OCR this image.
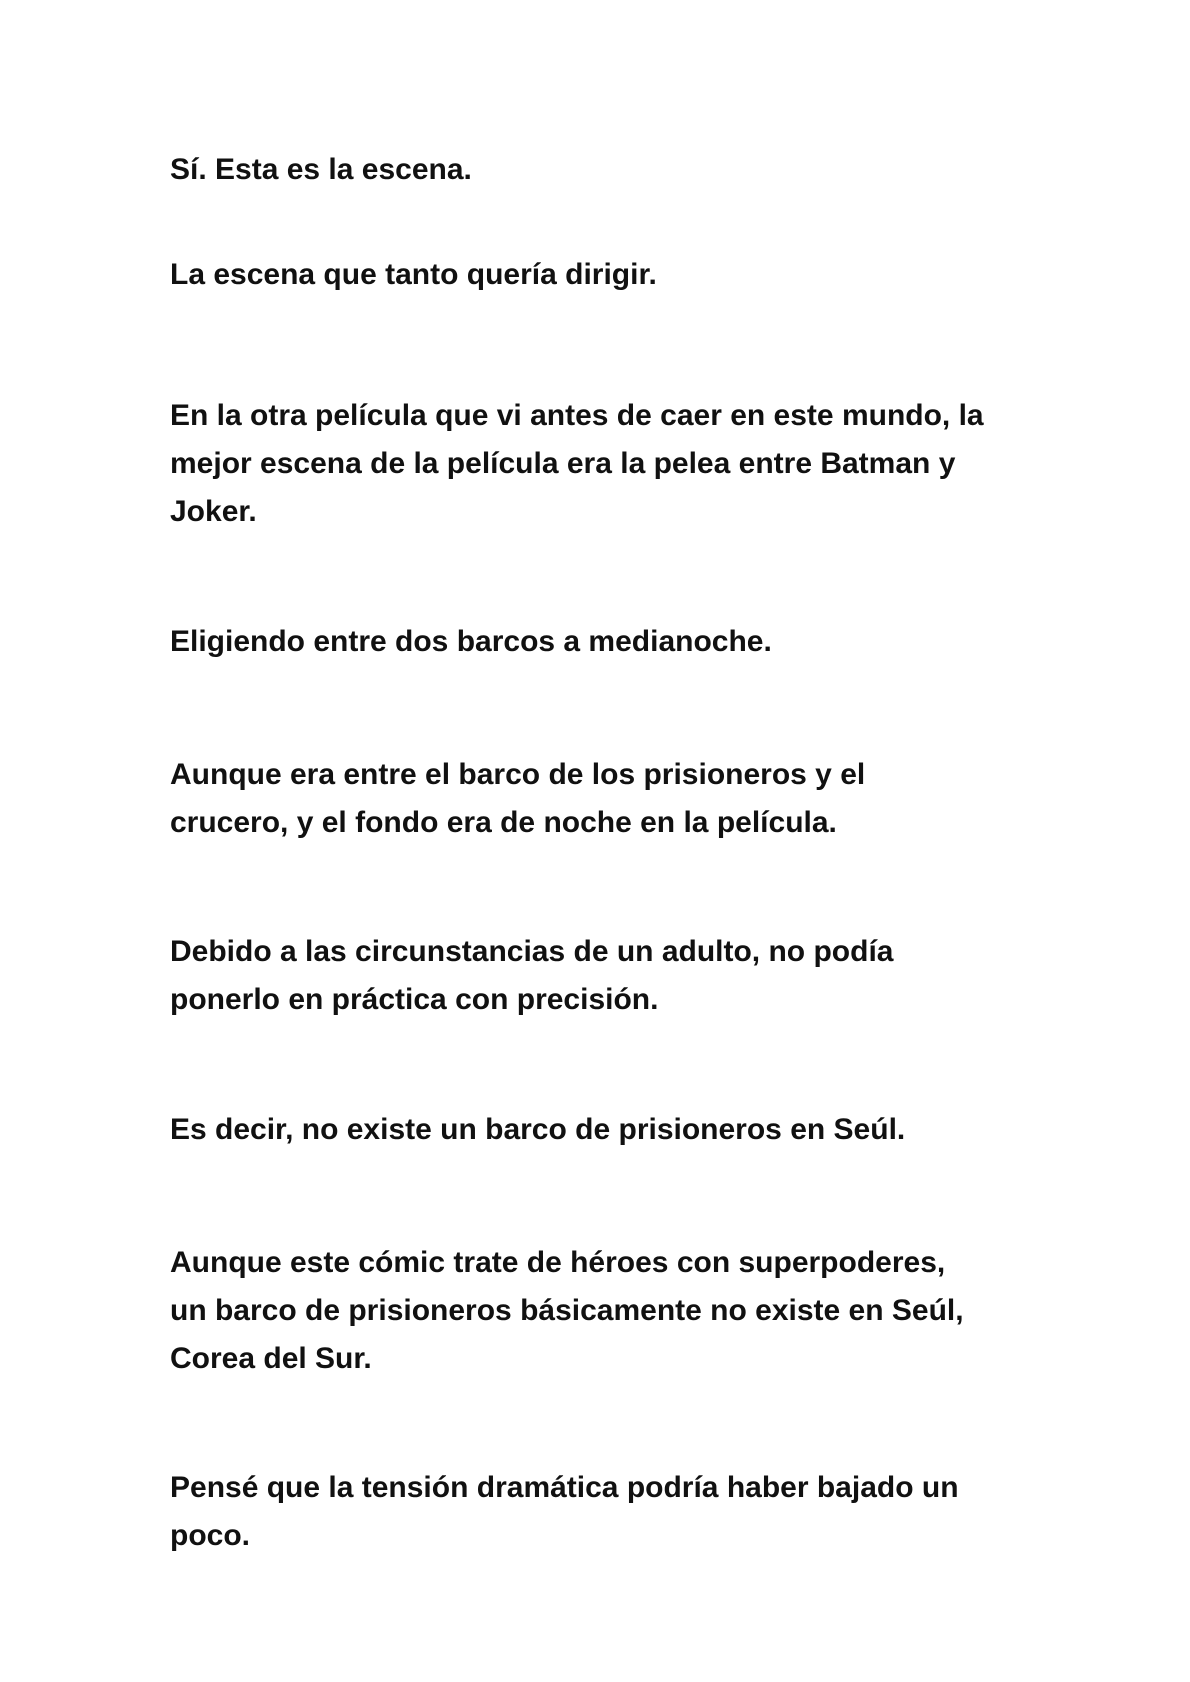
Sí. Esta es la escena.

La escena que tanto quería dirigir.

En la otra película que vi antes de caer en este mundo, la
mejor escena de la película era la pelea entre Batman y
Joker.

Eligiendo entre dos barcos a medianoche.

Aunque era entre el barco de los prisioneros y el
crucero, y el fondo era de noche en la película.

Debido a las circunstancias de un adulto, no podía
ponerlo en práctica con precisión.

Es decir, no existe un barco de prisioneros en Seúl.

Aunque este cómic trate de héroes con superpoderes,
un barco de prisioneros básicamente no existe en Seúl,
Corea del Sur.

Pensé que la tensión dramática podría haber bajado un
poco.
